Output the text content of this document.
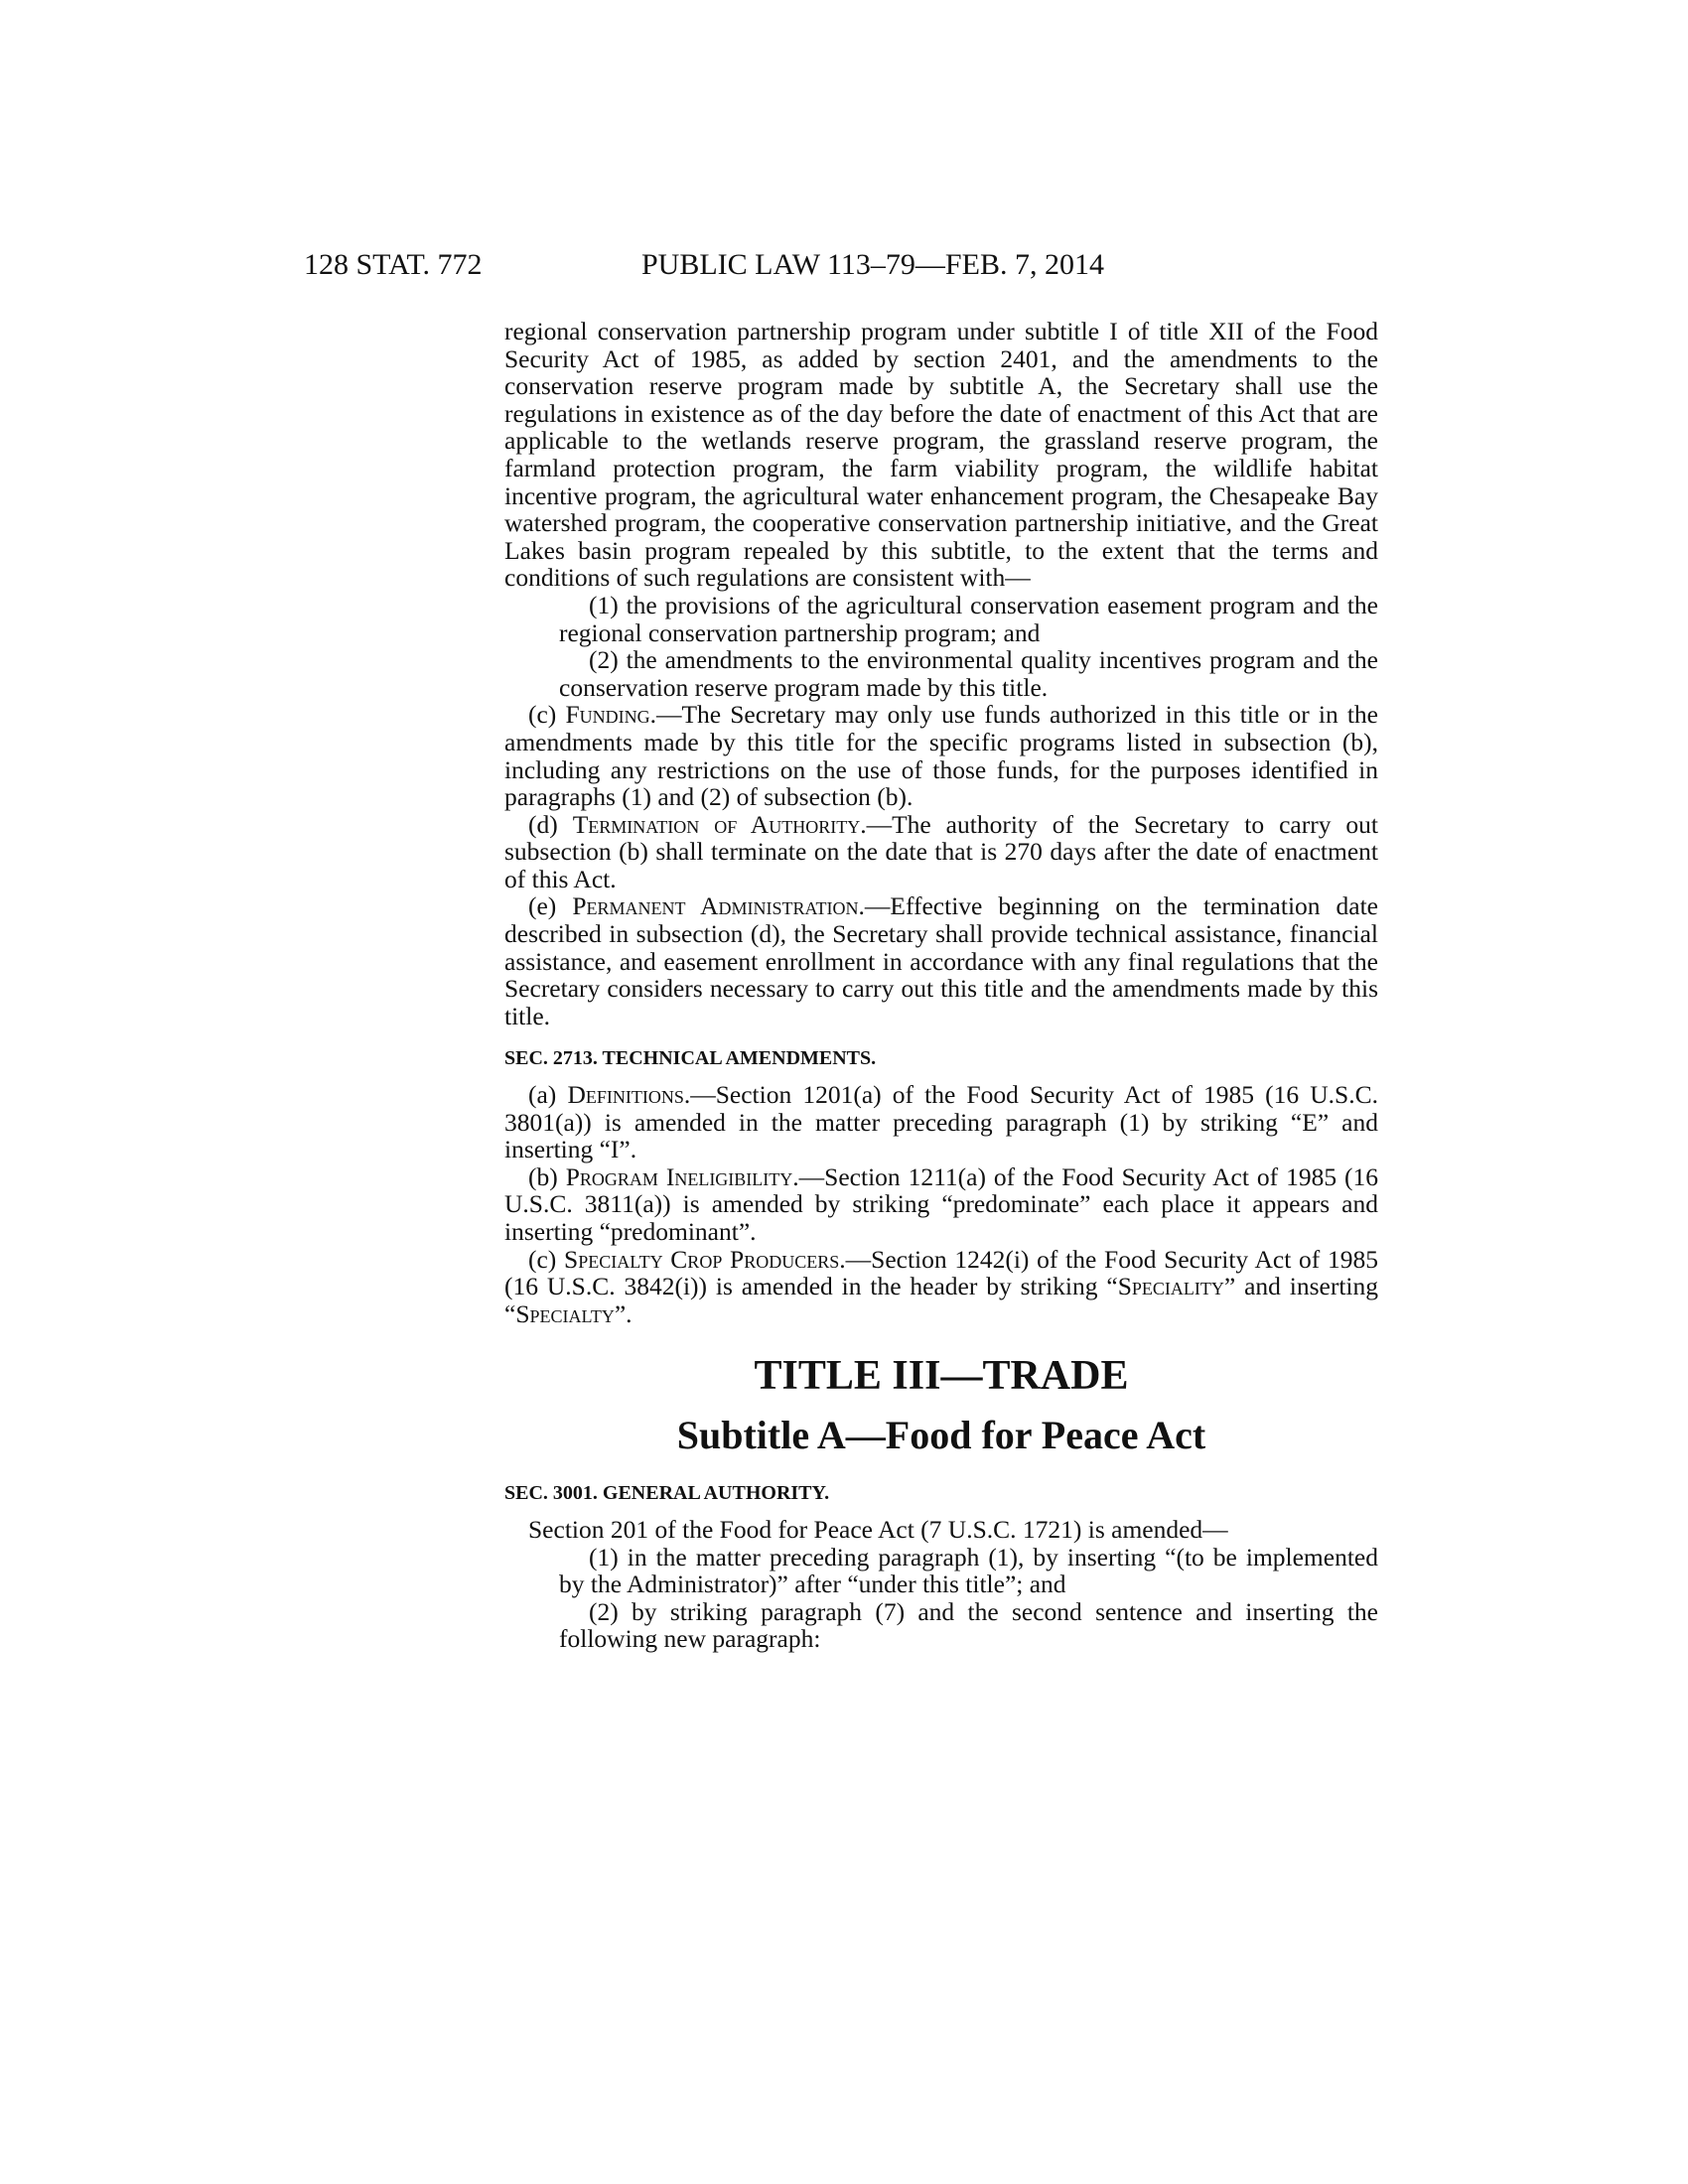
128 STAT. 772	PUBLIC LAW 113–79—FEB. 7, 2014

regional conservation partnership program under subtitle I of title XII of the Food Security Act of 1985, as added by section 2401, and the amendments to the conservation reserve program made by subtitle A, the Secretary shall use the regulations in existence as of the day before the date of enactment of this Act that are applicable to the wetlands reserve program, the grassland reserve program, the farmland protection program, the farm viability program, the wildlife habitat incentive program, the agricultural water enhancement program, the Chesapeake Bay watershed program, the cooperative conservation partnership initiative, and the Great Lakes basin program repealed by this subtitle, to the extent that the terms and conditions of such regulations are consistent with—

(1) the provisions of the agricultural conservation easement program and the regional conservation partnership program; and

(2) the amendments to the environmental quality incentives program and the conservation reserve program made by this title.

(c) Funding.—The Secretary may only use funds authorized in this title or in the amendments made by this title for the specific programs listed in subsection (b), including any restrictions on the use of those funds, for the purposes identified in paragraphs (1) and (2) of subsection (b).

(d) Termination of Authority.—The authority of the Secretary to carry out subsection (b) shall terminate on the date that is 270 days after the date of enactment of this Act.

(e) Permanent Administration.—Effective beginning on the termination date described in subsection (d), the Secretary shall provide technical assistance, financial assistance, and easement enrollment in accordance with any final regulations that the Secretary considers necessary to carry out this title and the amendments made by this title.

SEC. 2713. TECHNICAL AMENDMENTS.

(a) Definitions.—Section 1201(a) of the Food Security Act of 1985 (16 U.S.C. 3801(a)) is amended in the matter preceding paragraph (1) by striking “E” and inserting “I”.

(b) Program Ineligibility.—Section 1211(a) of the Food Security Act of 1985 (16 U.S.C. 3811(a)) is amended by striking “predominate” each place it appears and inserting “predominant”.

(c) Specialty Crop Producers.—Section 1242(i) of the Food Security Act of 1985 (16 U.S.C. 3842(i)) is amended in the header by striking “Speciality” and inserting “Specialty”.

TITLE III—TRADE

Subtitle A—Food for Peace Act

SEC. 3001. GENERAL AUTHORITY.

Section 201 of the Food for Peace Act (7 U.S.C. 1721) is amended—

(1) in the matter preceding paragraph (1), by inserting “(to be implemented by the Administrator)” after “under this title”; and

(2) by striking paragraph (7) and the second sentence and inserting the following new paragraph:
